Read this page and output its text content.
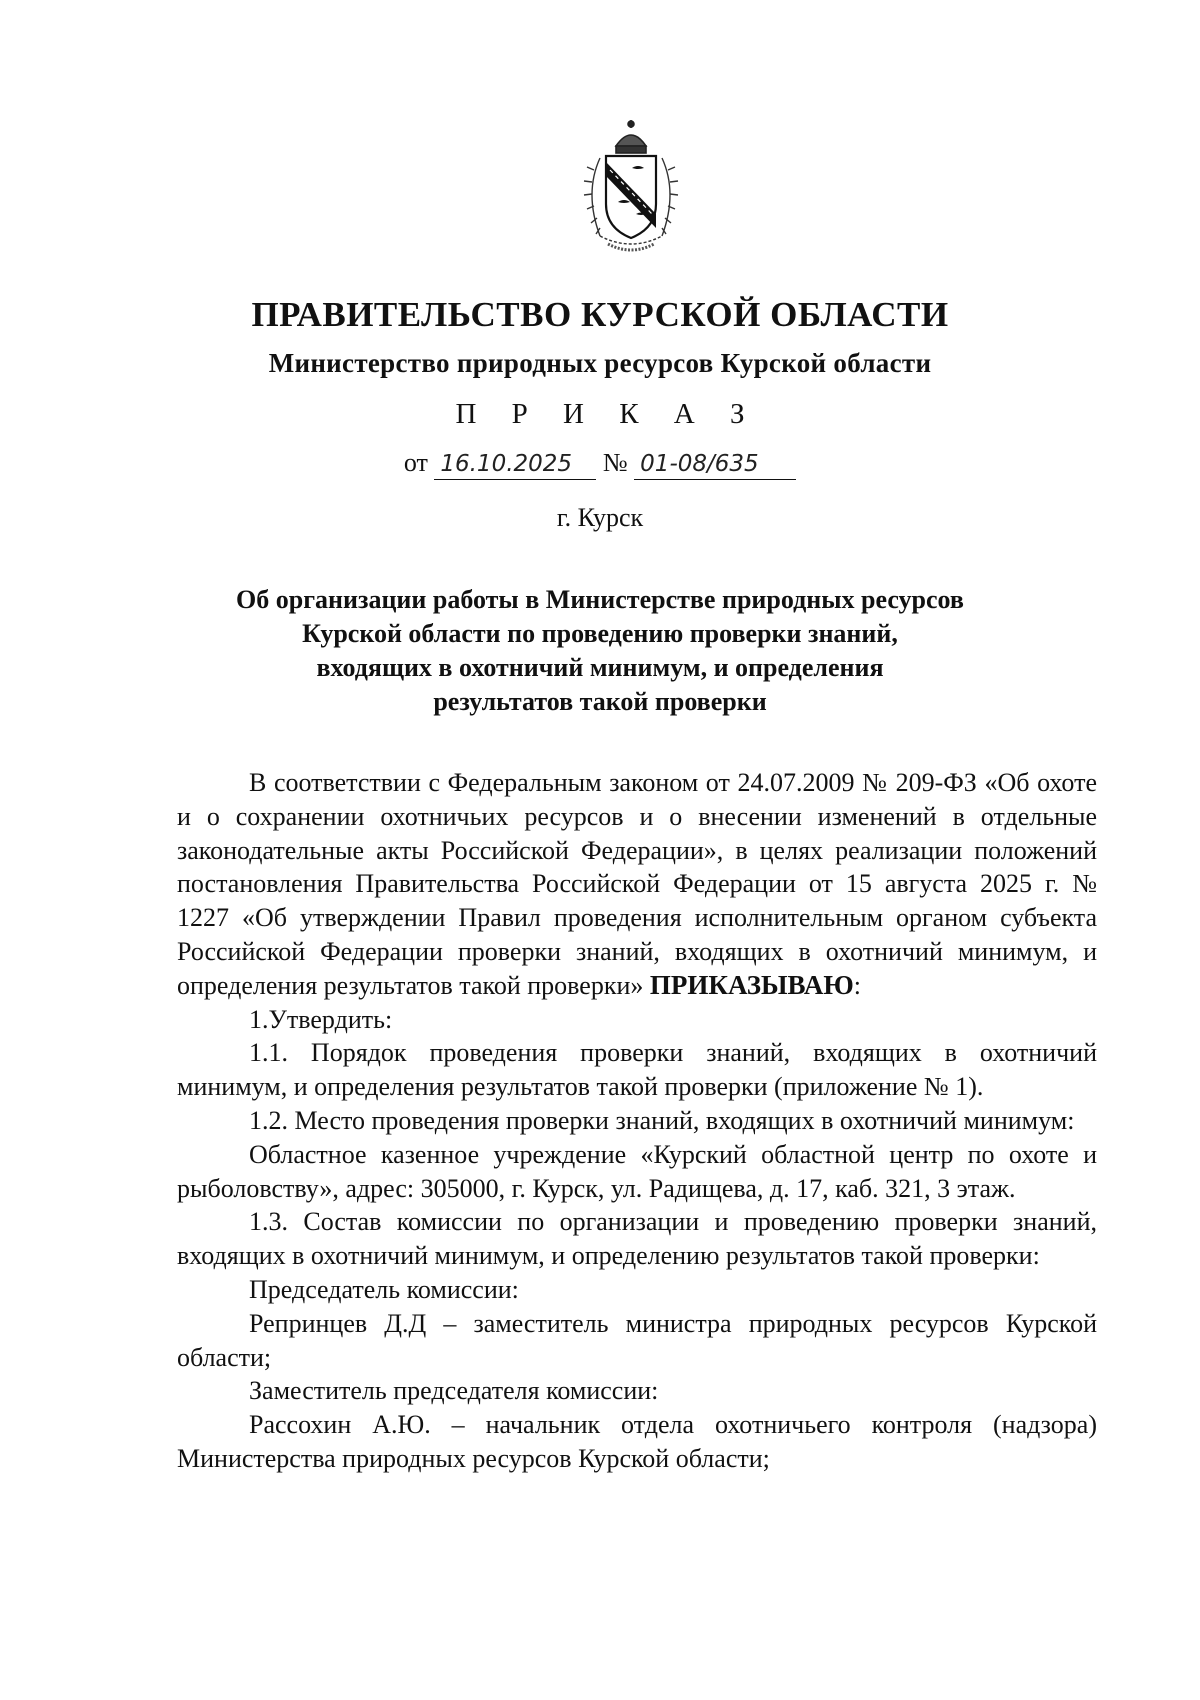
ПРАВИТЕЛЬСТВО КУРСКОЙ ОБЛАСТИ
Министерство природных ресурсов Курской области
П Р И К А З
от 16.10.2025 № 01-08/635
г. Курск
Об организации работы в Министерстве природных ресурсов
Курской области по проведению проверки знаний,
входящих в охотничий минимум, и определения
результатов такой проверки

В соответствии с Федеральным законом от 24.07.2009 № 209-ФЗ «Об охоте и о сохранении охотничьих ресурсов и о внесении изменений в отдельные законодательные акты Российской Федерации», в целях реализации положений постановления Правительства Российской Федерации от 15 августа 2025 г. № 1227 «Об утверждении Правил проведения исполнительным органом субъекта Российской Федерации проверки знаний, входящих в охотничий минимум, и определения результатов такой проверки» ПРИКАЗЫВАЮ:

1.Утвердить:

1.1. Порядок проведения проверки знаний, входящих в охотничий минимум, и определения результатов такой проверки (приложение № 1).

1.2. Место проведения проверки знаний, входящих в охотничий минимум:

Областное казенное учреждение «Курский областной центр по охоте и рыболовству», адрес: 305000, г. Курск, ул. Радищева, д. 17, каб. 321, 3 этаж.

1.3. Состав комиссии по организации и проведению проверки знаний, входящих в охотничий минимум, и определению результатов такой проверки:

Председатель комиссии:

Репринцев Д.Д – заместитель министра природных ресурсов Курской области;

Заместитель председателя комиссии:

Рассохин А.Ю. – начальник отдела охотничьего контроля (надзора) Министерства природных ресурсов Курской области;
